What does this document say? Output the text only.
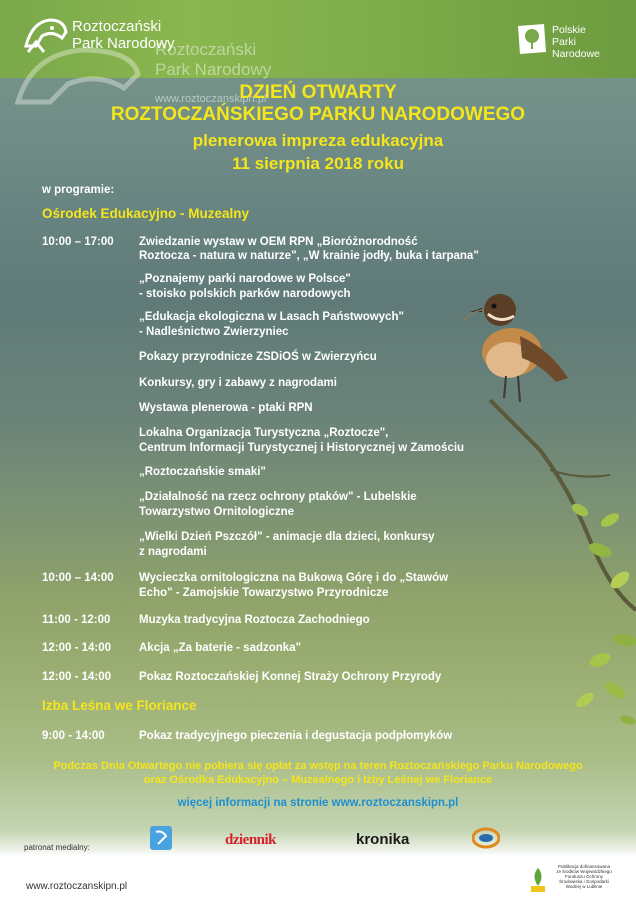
Roztoczański
Park Narodowy
Roztoczański
Park Narodowy
www.roztoczanskipn.pl
Polskie
Parki
Narodowe
DZIEŃ OTWARTY
ROZTOCZAŃSKIEGO PARKU NARODOWEGO
plenerowa impreza edukacyjna
11 sierpnia 2018 roku
w programie:
Ośrodek Edukacyjno - Muzealny
10:00 – 17:00 Zwiedzanie wystaw w OEM RPN „Bioróżnorodność
Roztocza - natura w naturze", „W krainie jodły, buka i tarpana"
„Poznajemy parki narodowe w Polsce"
- stoisko polskich parków narodowych
„Edukacja ekologiczna w Lasach Państwowych"
- Nadleśnictwo Zwierzyniec
Pokazy przyrodnicze ZSDiOŚ w Zwierzyńcu
Konkursy, gry i zabawy z nagrodami
Wystawa plenerowa - ptaki RPN
Lokalna Organizacja Turystyczna „Roztocze",
Centrum Informacji Turystycznej i Historycznej w Zamościu
„Roztoczańskie smaki"
„Działalność na rzecz ochrony ptaków" - Lubelskie
Towarzystwo Ornitologiczne
„Wielki Dzień Pszczół" - animacje dla dzieci, konkursy
z nagrodami
10:00 – 14:00 Wycieczka ornitologiczna na Bukową Górę i do „Stawów
Echo" - Zamojskie Towarzystwo Przyrodnicze
11:00 - 12:00 Muzyka tradycyjna Roztocza Zachodniego
12:00 - 14:00 Akcja „Za baterie - sadzonka"
12:00 - 14:00 Pokaz Roztoczańskiej Konnej Straży Ochrony Przyrody
Izba Leśna we Floriance
9:00 - 14:00	Pokaz tradycyjnego pieczenia i degustacja podpłomyków
Podczas Dnia Otwartego nie pobiera się opłat za wstęp na teren Roztoczańskiego Parku Narodowego
oraz Ośrodka Edukacyjno – Muzealnego i Izby Leśnej we Floriance
więcej informacji na stronie www.roztoczanskipn.pl
patronat medialny:	dziennik	kronika
www.roztoczanskipn.pl
Publikacja dofinansowana ze środków Wojewódzkiego Funduszu Ochrony Środowiska i Gospodarki Wodnej w Lublinie
